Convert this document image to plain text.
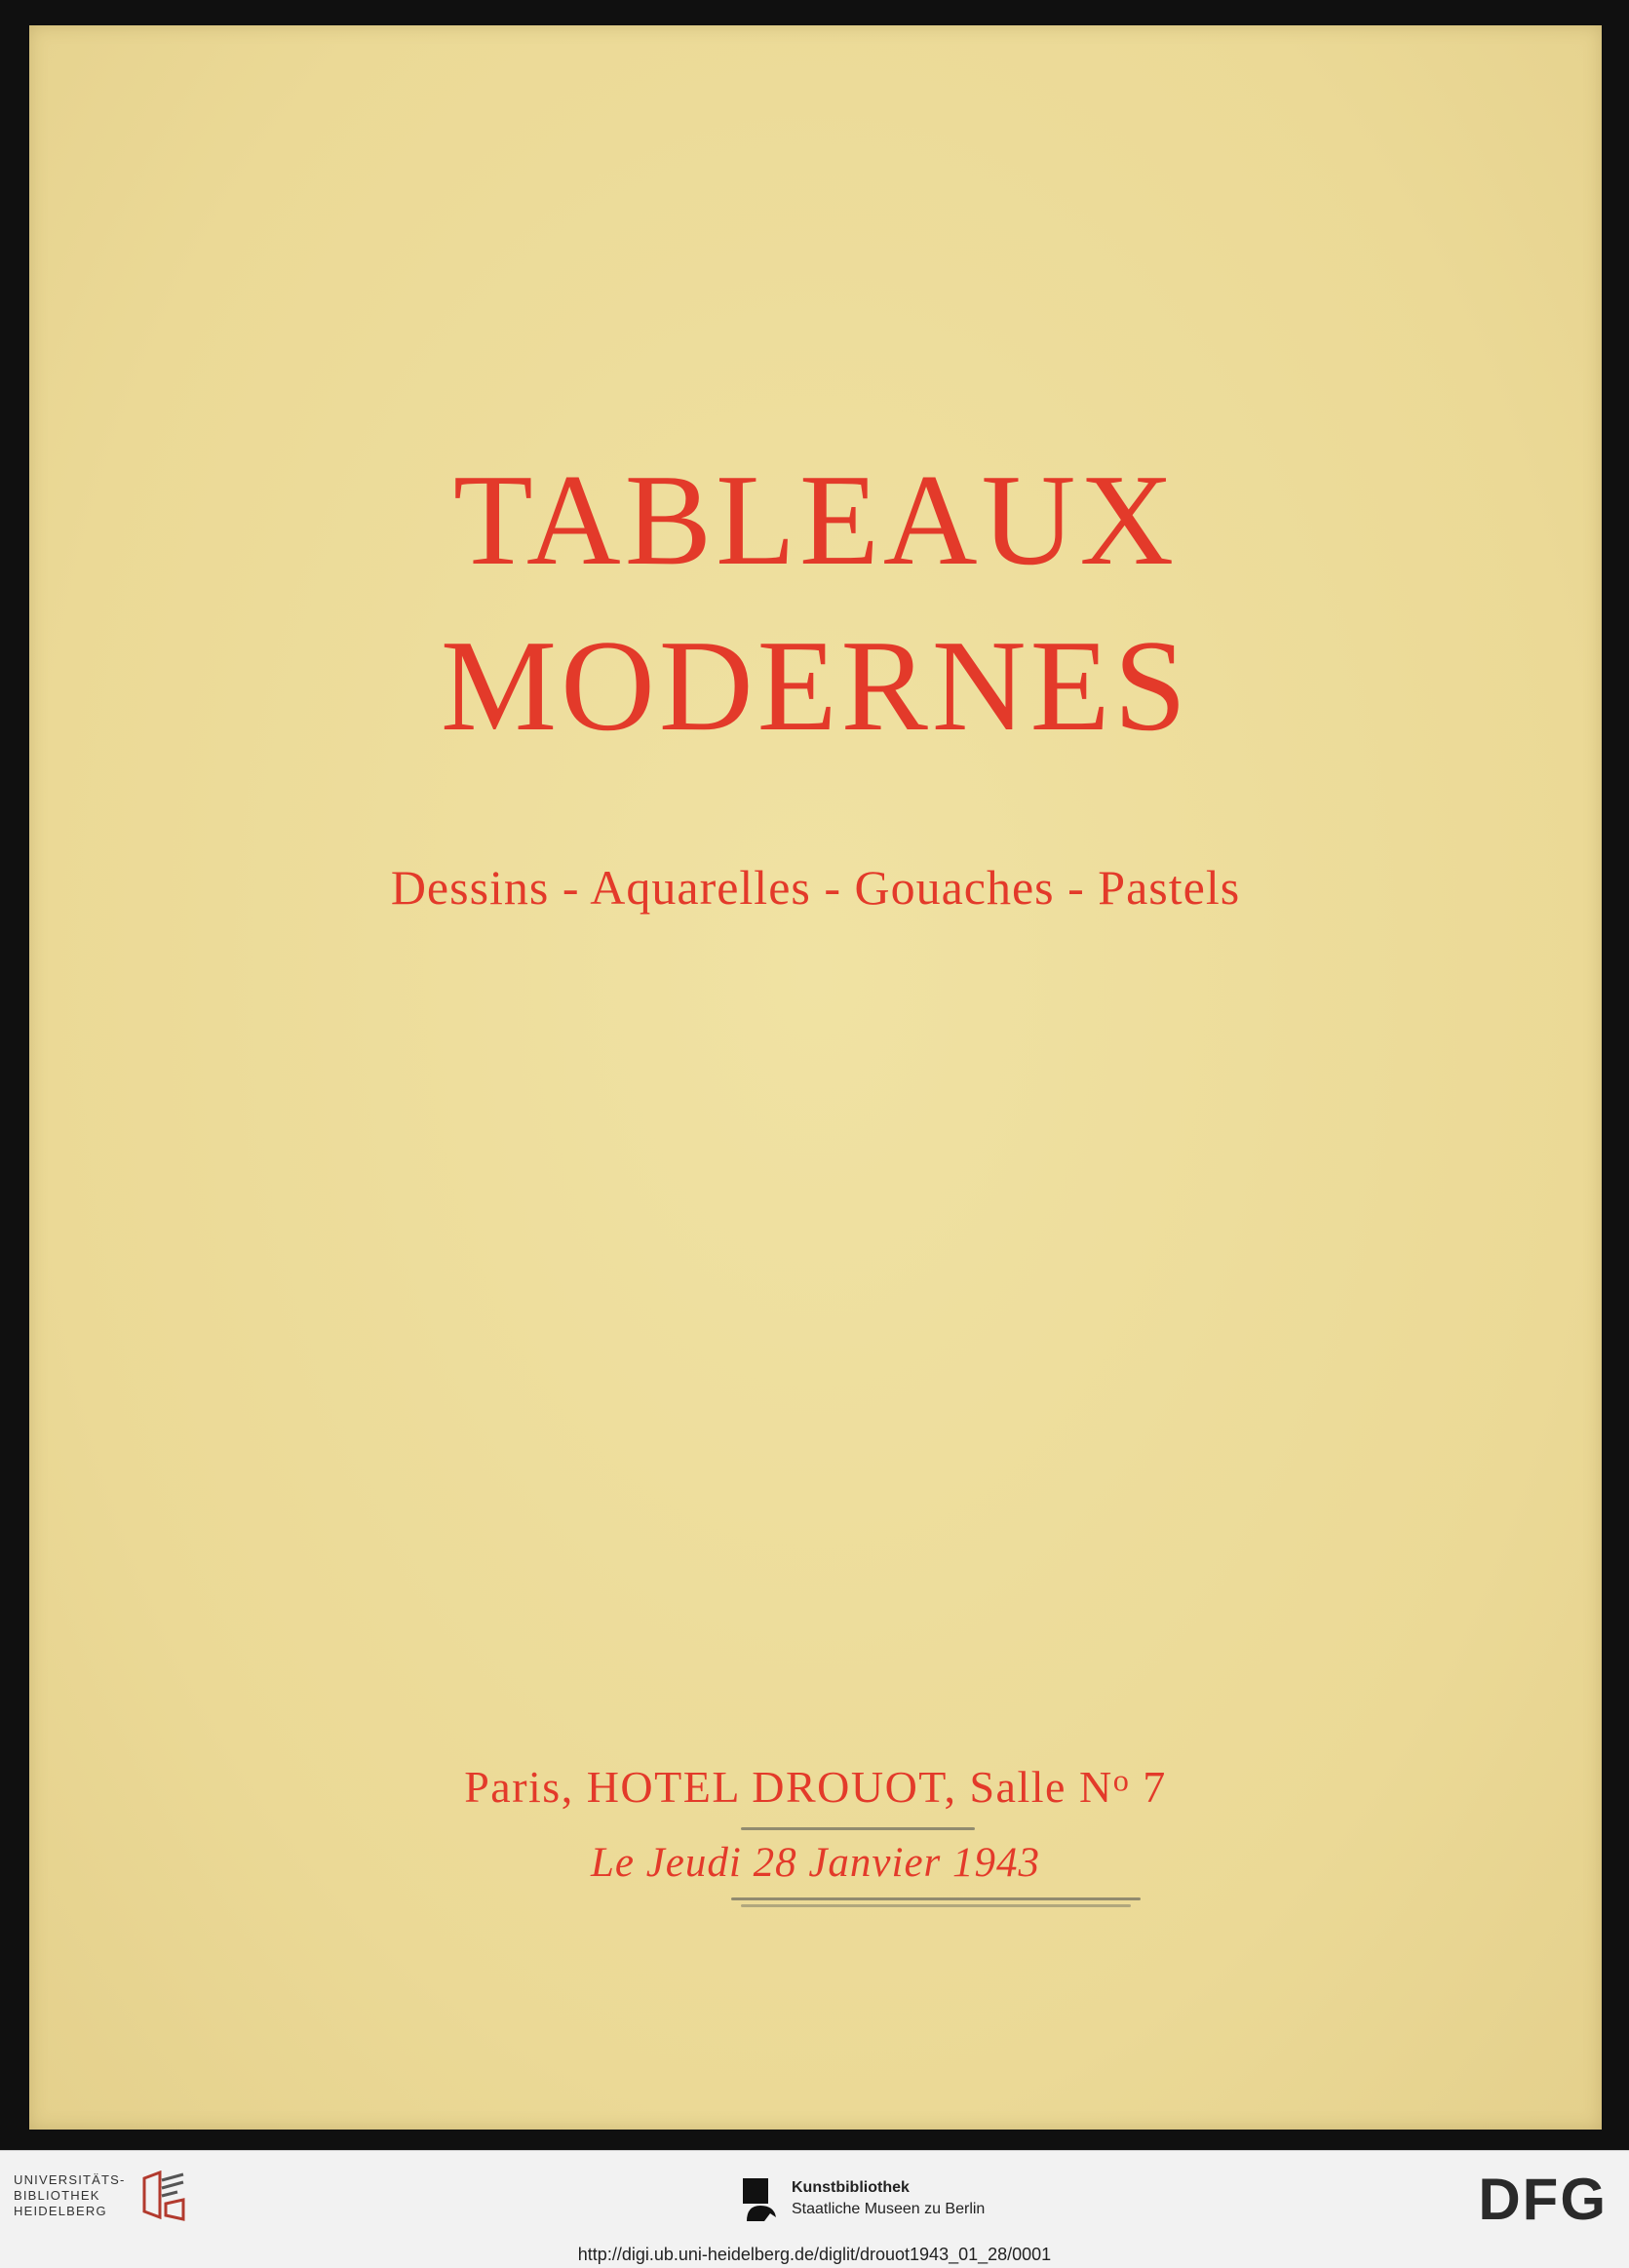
TABLEAUX
MODERNES
Dessins - Aquarelles - Gouaches - Pastels
Paris, HOTEL DROUOT, Salle $N^o$ 7
Le Jeudi 28 Janvier 1943
UNIVERSITÄTS-
BIBLIOTHEK
HEIDELBERG
Kunstbibliothek
Staatliche Museen zu Berlin	DFG
http://digi.ub.uni-heidelberg.de/diglit/drouot1943_01_28/0001
